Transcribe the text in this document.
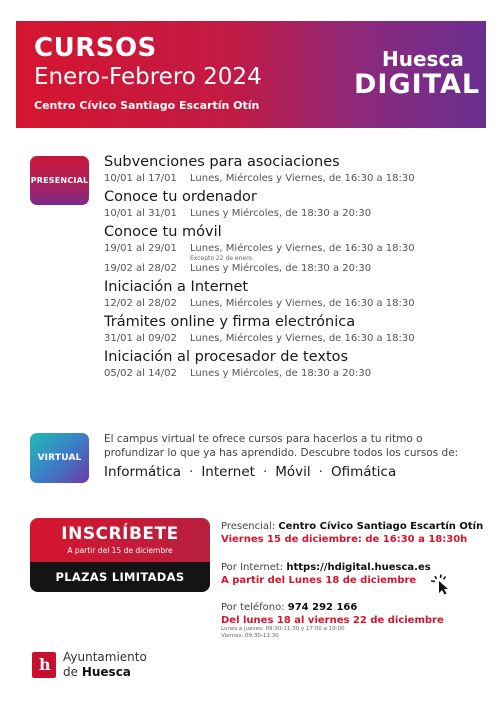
CURSOS
Enero-Febrero 2024
Centro Cívico Santiago Escartín Otín
Huesca
DIGITAL
PRESENCIAL
Subvenciones para asociaciones
10/01 al 17/01	Lunes, Miércoles y Viernes, de 16:30 a 18:30
Conoce tu ordenador
10/01 al 31/01	Lunes y Miércoles, de 18:30 a 20:30
Conoce tu móvil
19/01 al 29/01	Lunes, Miércoles y Viernes, de 16:30 a 18:30
Excepto 22 de enero
19/02 al 28/02	Lunes y Miércoles, de 18:30 a 20:30
Iniciación a Internet
12/02 al 28/02	Lunes, Miércoles y Viernes, de 16:30 a 18:30
Trámites online y firma electrónica
31/01 al 09/02	Lunes, Miércoles y Viernes, de 16:30 a 18:30
Iniciación al procesador de textos
05/02 al 14/02	Lunes y Miércoles, de 18:30 a 20:30
VIRTUAL
El campus virtual te ofrece cursos para hacerlos a tu ritmo o profundizar lo que ya has aprendido. Descubre todos los cursos de:
Informática · Internet · Móvil · Ofimática
INSCRÍBETE
A partir del 15 de diciembre
PLAZAS LIMITADAS
Presencial: Centro Cívico Santiago Escartín Otín
Viernes 15 de diciembre: de 16:30 a 18:30h
Por Internet: https://hdigital.huesca.es
A partir del Lunes 18 de diciembre
Por teléfono: 974 292 166
Del lunes 18 al viernes 22 de diciembre
Lunes a jueves: 09:30-11:30 y 17:00 a 19:00
Viernes: 09:30-11:30
h Ayuntamiento
de Huesca
